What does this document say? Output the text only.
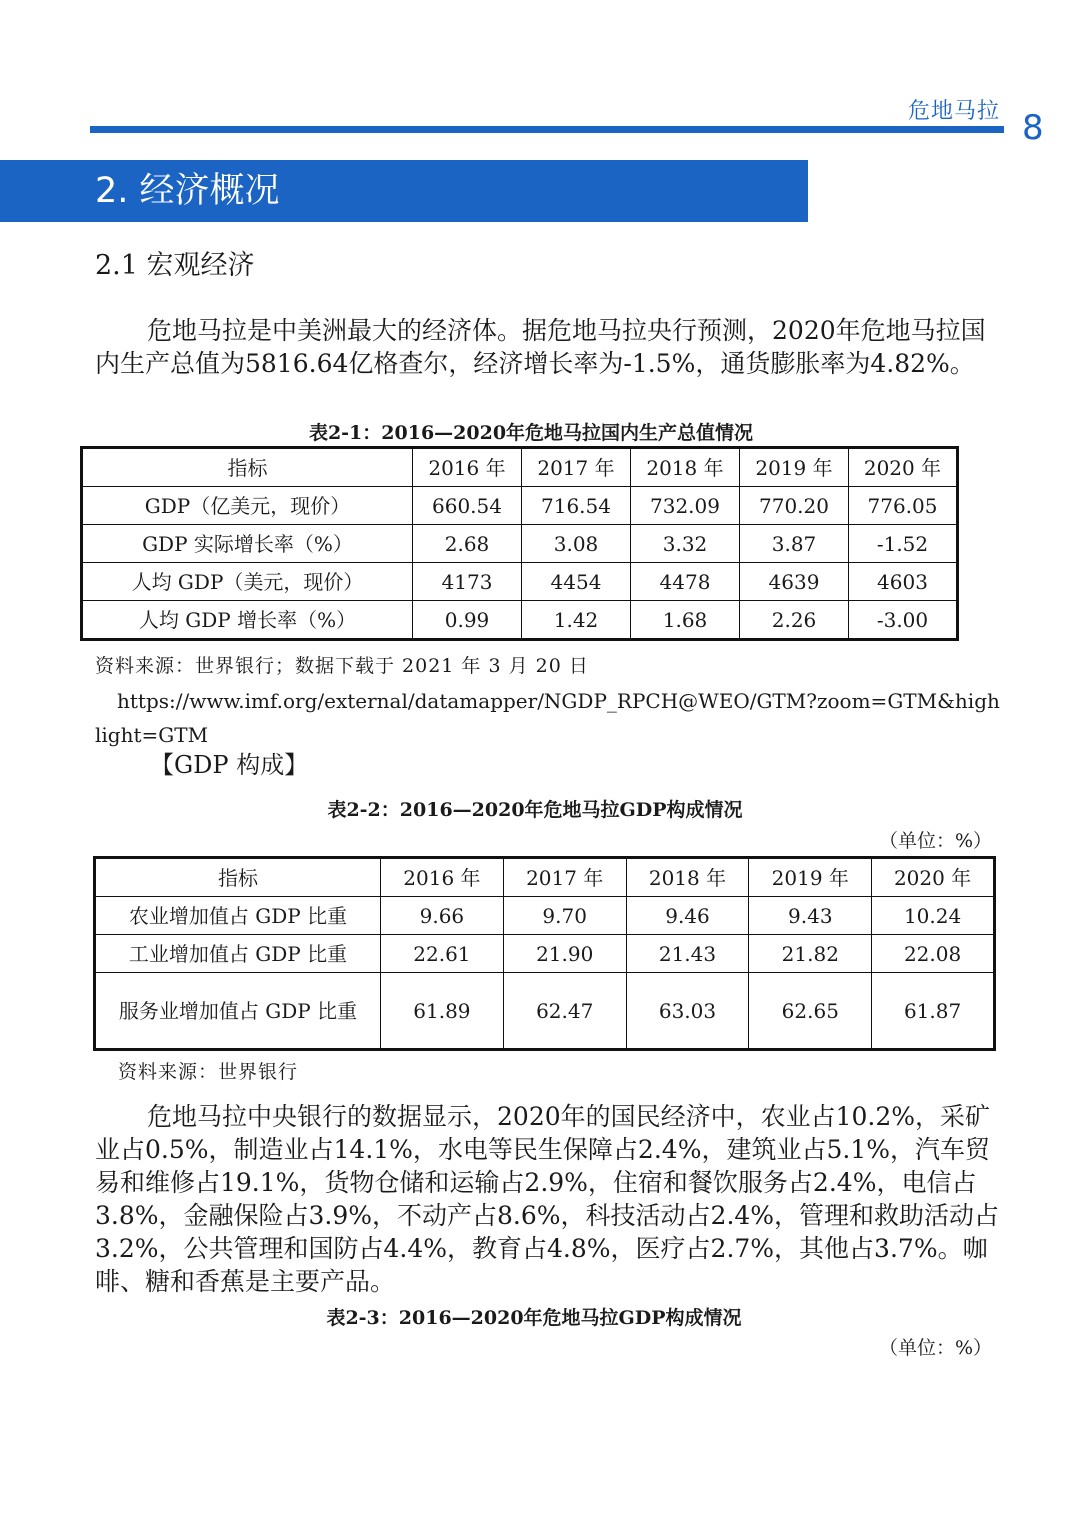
危地马拉 8
2. 经济概况
2.1 宏观经济

危地马拉是中美洲最大的经济体。据危地马拉央行预测，2020年危地马拉国内生产总值为5816.64亿格查尔，经济增长率为-1.5%，通货膨胀率为4.82%。

表2-1：2016—2020年危地马拉国内生产总值情况
指标	2016 年	2017 年	2018 年	2019 年	2020 年
GDP（亿美元，现价）	660.54	716.54	732.09	770.20	776.05
GDP 实际增长率（%）	2.68	3.08	3.32	3.87	-1.52
人均 GDP（美元，现价）	4173	4454	4478	4639	4603
人均 GDP 增长率（%）	0.99	1.42	1.68	2.26	-3.00
资料来源：世界银行；数据下载于 2021 年 3 月 20 日
https://www.imf.org/external/datamapper/NGDP_RPCH@WEO/GTM?zoom=GTM&highlight=GTM
【GDP 构成】
表2-2：2016—2020年危地马拉GDP构成情况
（单位：%）
指标	2016 年	2017 年	2018 年	2019 年	2020 年
农业增加值占 GDP 比重	9.66	9.70	9.46	9.43	10.24
工业增加值占 GDP 比重	22.61	21.90	21.43	21.82	22.08
服务业增加值占 GDP 比重	61.89	62.47	63.03	62.65	61.87
资料来源：世界银行

危地马拉中央银行的数据显示，2020年的国民经济中，农业占10.2%，采矿业占0.5%，制造业占14.1%，水电等民生保障占2.4%，建筑业占5.1%，汽车贸易和维修占19.1%，货物仓储和运输占2.9%，住宿和餐饮服务占2.4%，电信占3.8%，金融保险占3.9%，不动产占8.6%，科技活动占2.4%，管理和救助活动占3.2%，公共管理和国防占4.4%，教育占4.8%，医疗占2.7%，其他占3.7%。咖啡、糖和香蕉是主要产品。

表2-3：2016—2020年危地马拉GDP构成情况
（单位：%）
